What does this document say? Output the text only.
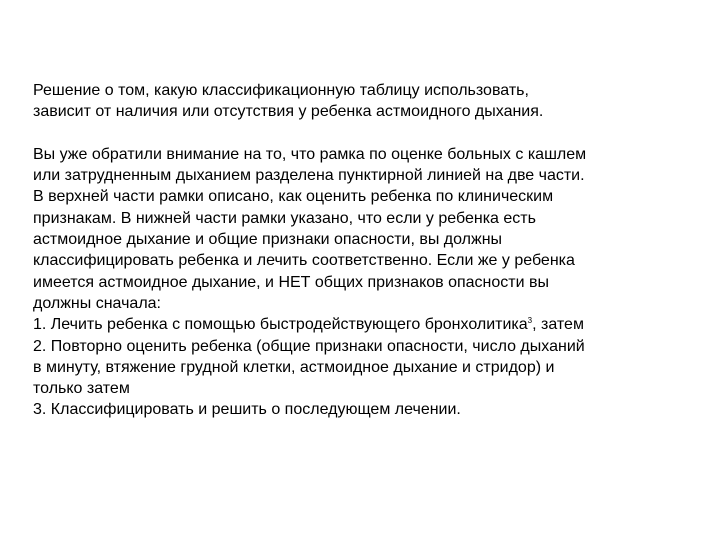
Решение о том, какую классификационную таблицу использовать,
зависит от наличия или отсутствия у ребенка астмоидного дыхания.
Вы уже обратили внимание на то, что рамка по оценке больных с кашлем
или затрудненным дыханием разделена пунктирной линией на две части.
В верхней части рамки описано, как оценить ребенка по клиническим
признакам. В нижней части рамки указано, что если у ребенка есть
астмоидное дыхание и общие признаки опасности, вы должны
классифицировать ребенка и лечить соответственно. Если же у ребенка
имеется астмоидное дыхание, и НЕТ общих признаков опасности вы
должны сначала:
1. Лечить ребенка с помощью быстродействующего бронхолитика$^3$, затем
2. Повторно оценить ребенка (общие признаки опасности, число дыханий
в минуту, втяжение грудной клетки, астмоидное дыхание и стридор) и
только затем
3. Классифицировать и решить о последующем лечении.
